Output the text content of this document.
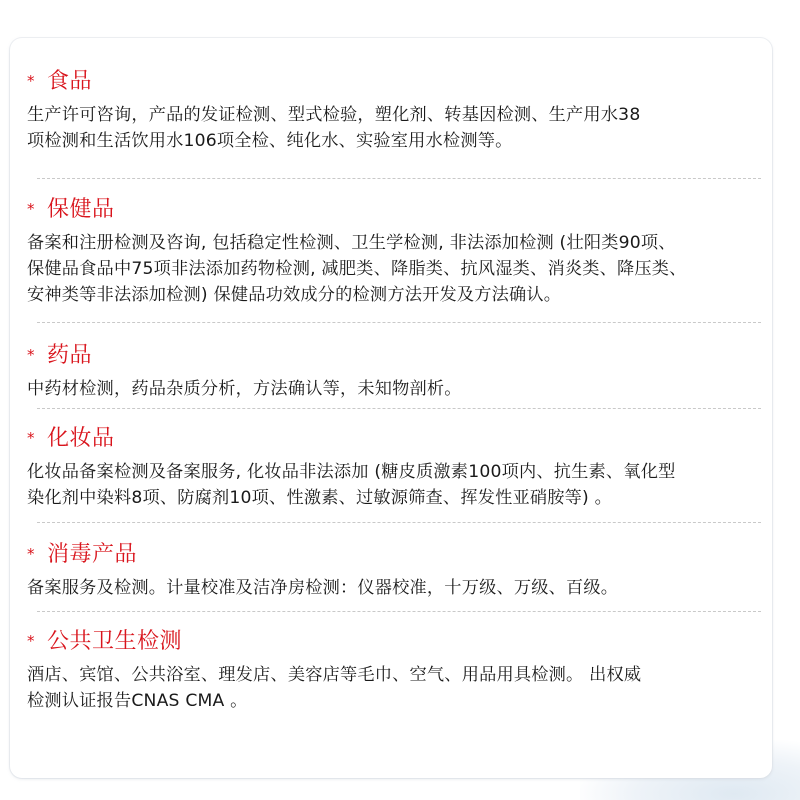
* 食品
生产许可咨询，产品的发证检测、型式检验，塑化剂、转基因检测、生产用水38
项检测和生活饮用水106项全检、纯化水、实验室用水检测等。
* 保健品
备案和注册检测及咨询, 包括稳定性检测、卫生学检测, 非法添加检测 (壮阳类90项、
保健品食品中75项非法添加药物检测, 减肥类、降脂类、抗风湿类、消炎类、降压类、
安神类等非法添加检测) 保健品功效成分的检测方法开发及方法确认。
* 药品
中药材检测，药品杂质分析，方法确认等，未知物剖析。
* 化妆品
化妆品备案检测及备案服务, 化妆品非法添加 (糖皮质激素100项内、抗生素、氧化型
染化剂中染料8项、防腐剂10项、性激素、过敏源筛查、挥发性亚硝胺等) 。
* 消毒产品
备案服务及检测。计量校准及洁净房检测：仪器校准，十万级、万级、百级。
* 公共卫生检测
酒店、宾馆、公共浴室、理发店、美容店等毛巾、空气、用品用具检测。 出权威
检测认证报告CNAS CMA 。
